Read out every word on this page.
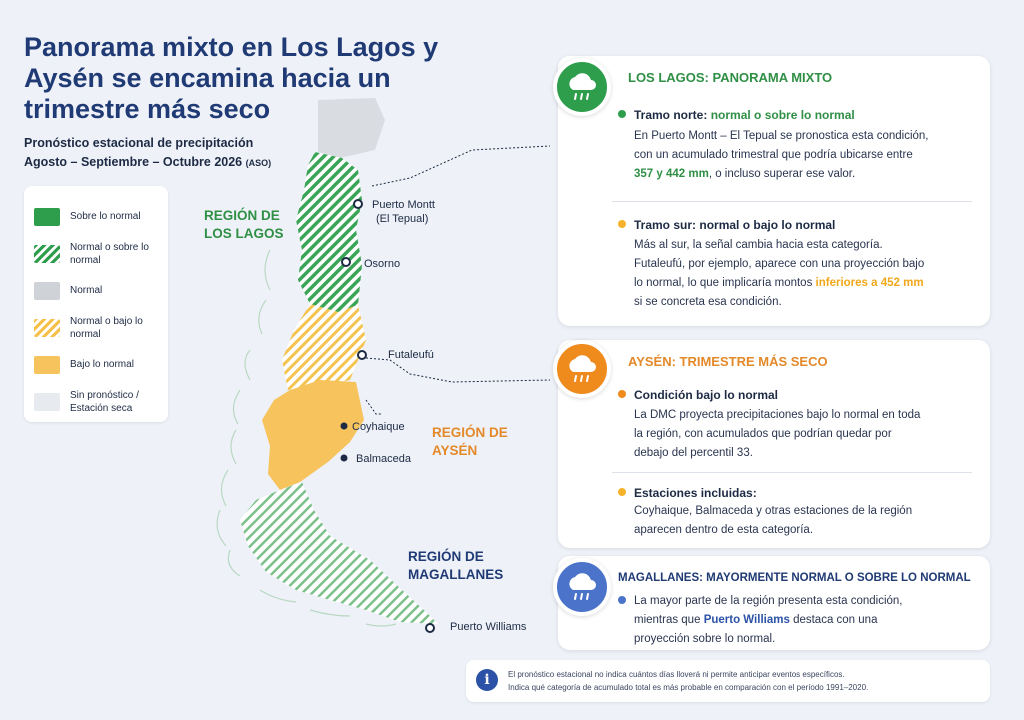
Panorama mixto en Los Lagos y Aysén se encamina hacia un trimestre más seco
Pronóstico estacional de precipitación
Agosto – Septiembre – Octubre 2026 (ASO)
Sobre lo normal
Normal o sobre lo normal
Normal
Normal o bajo lo normal
Bajo lo normal
Sin pronóstico / Estación seca
Puerto Montt
(El Tepual)
Osorno
Futaleufú
Coyhaique
Balmaceda
Puerto Williams
REGIÓN DE LOS LAGOS
REGIÓN DE AYSÉN
REGIÓN DE MAGALLANES
LOS LAGOS: PANORAMA MIXTO
Tramo norte: normal o sobre lo normal
En Puerto Montt – El Tepual se pronostica esta condición,
con un acumulado trimestral que podría ubicarse entre
357 y 442 mm, o incluso superar ese valor.
Tramo sur: normal o bajo lo normal
Más al sur, la señal cambia hacia esta categoría.
Futaleufú, por ejemplo, aparece con una proyección bajo
lo normal, lo que implicaría montos inferiores a 452 mm
si se concreta esa condición.
AYSÉN: TRIMESTRE MÁS SECO
Condición bajo lo normal
La DMC proyecta precipitaciones bajo lo normal en toda
la región, con acumulados que podrían quedar por
debajo del percentil 33.
Estaciones incluidas:
Coyhaique, Balmaceda y otras estaciones de la región
aparecen dentro de esta categoría.
MAGALLANES: MAYORMENTE NORMAL O SOBRE LO NORMAL
La mayor parte de la región presenta esta condición,
mientras que Puerto Williams destaca con una
proyección sobre lo normal.
i	El pronóstico estacional no indica cuántos días lloverá ni permite anticipar eventos específicos.
Indica qué categoría de acumulado total es más probable en comparación con el período 1991–2020.
